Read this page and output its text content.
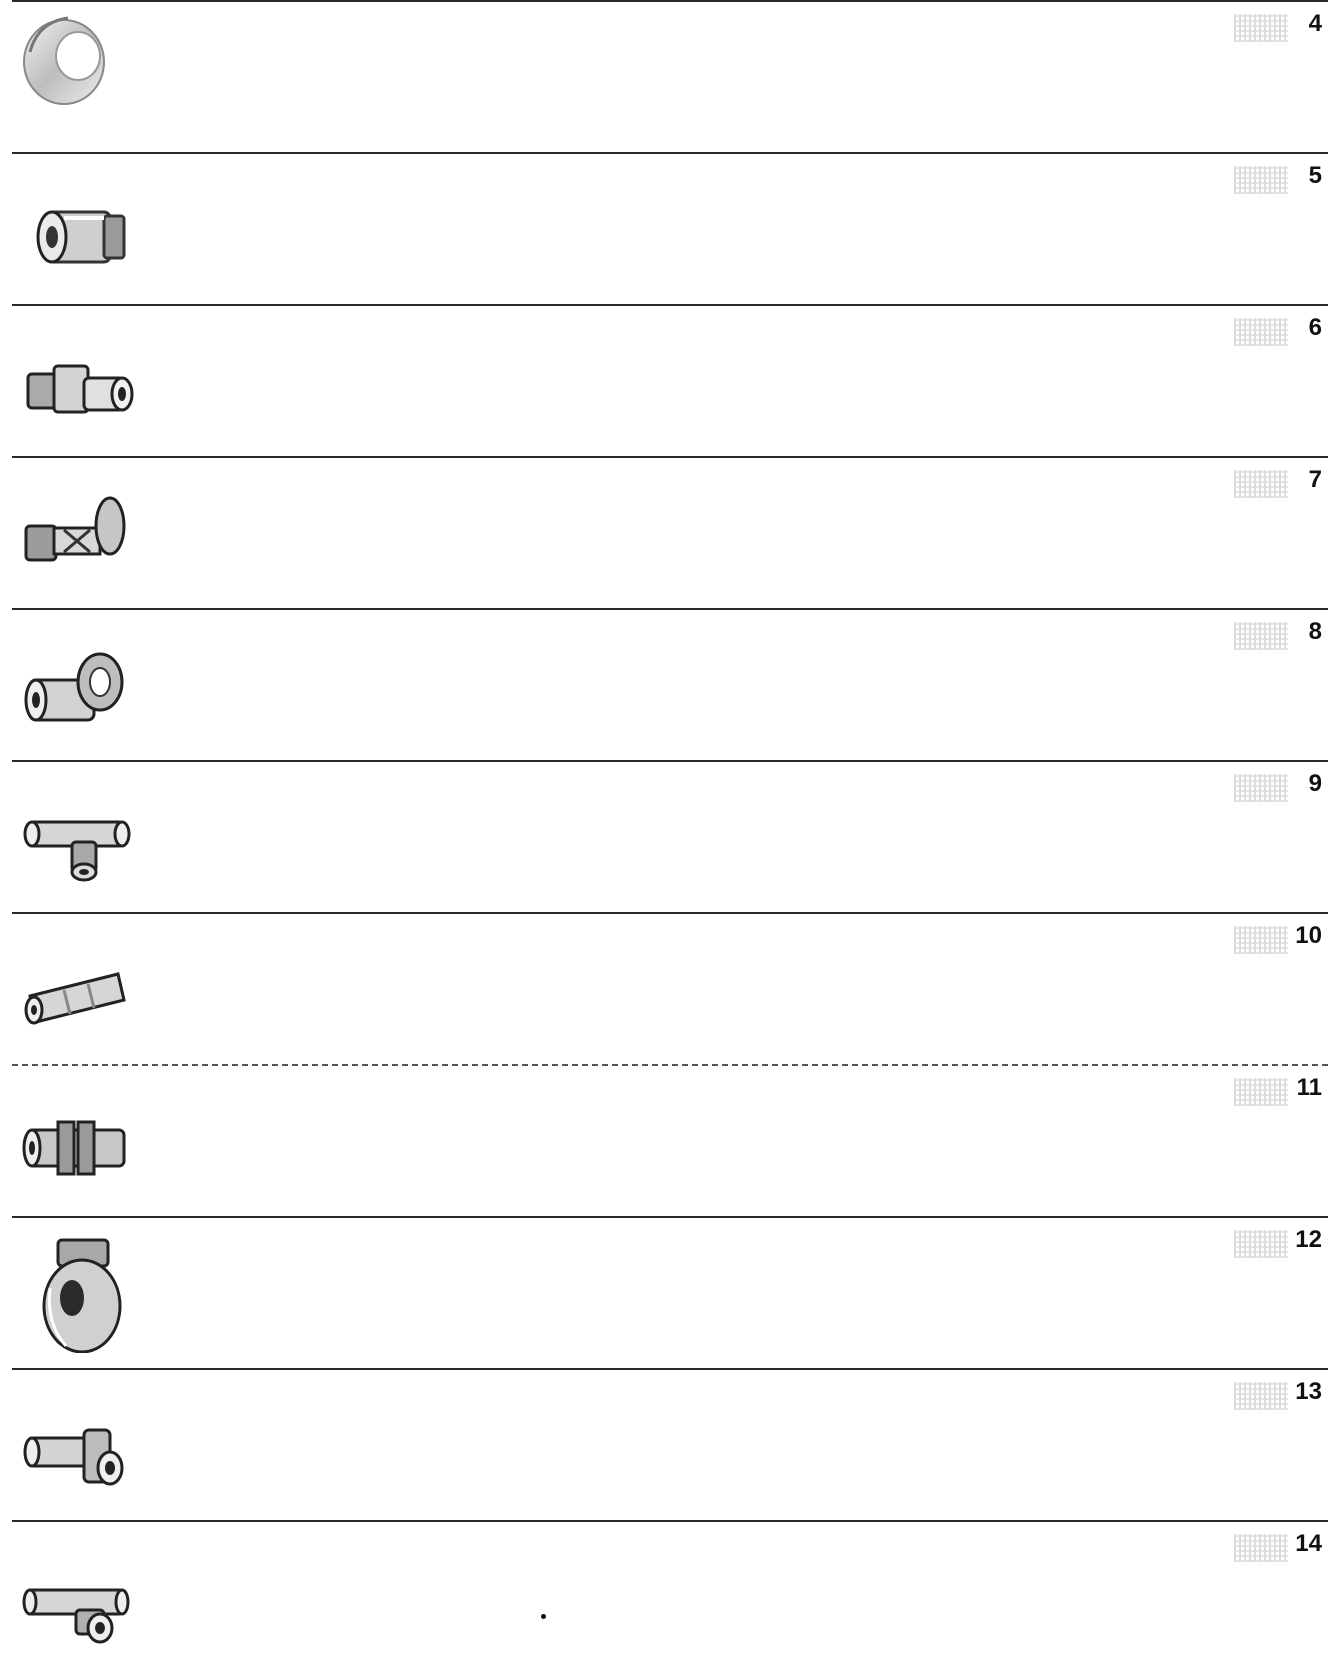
4
5
6
7
8
9
10
11
12
13
14
